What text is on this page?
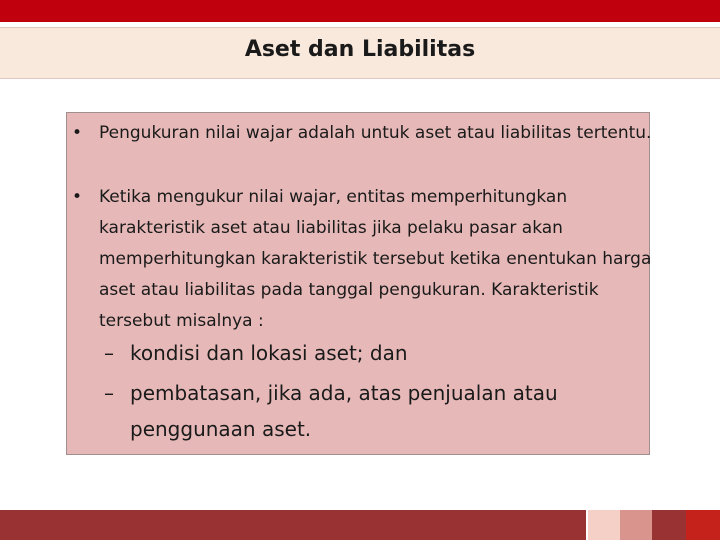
Aset dan Liabilitas
• Pengukuran nilai wajar adalah untuk aset atau liabilitas tertentu.
• Ketika mengukur nilai wajar, entitas memperhitungkan karakteristik aset atau liabilitas jika pelaku pasar akan memperhitungkan karakteristik tersebut ketika enentukan harga aset atau liabilitas pada tanggal pengukuran. Karakteristik tersebut misalnya :
– kondisi dan lokasi aset; dan
– pembatasan, jika ada, atas penjualan atau
penggunaan aset.
